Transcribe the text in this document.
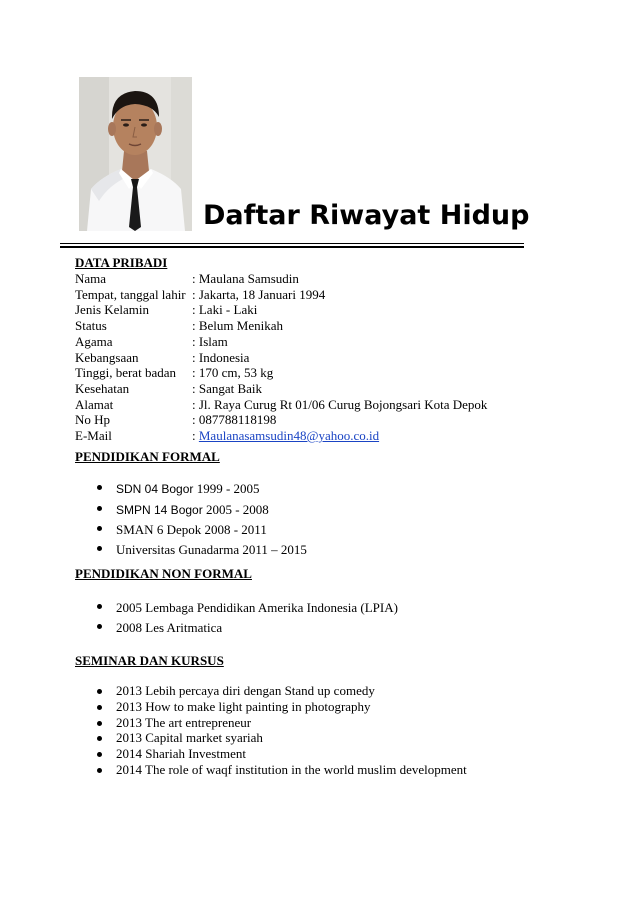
Daftar Riwayat Hidup
DATA PRIBADI
Nama	: Maulana Samsudin
Tempat, tanggal lahir : Jakarta, 18 Januari 1994
Jenis Kelamin	: Laki - Laki
Status	: Belum Menikah
Agama	: Islam
Kebangsaan	: Indonesia
Tinggi, berat badan	: 170 cm, 53 kg
Kesehatan	: Sangat Baik
Alamat	: Jl. Raya Curug Rt 01/06 Curug Bojongsari Kota Depok
No Hp	: 087788118198
E-Mail	: Maulanasamsudin48@yahoo.co.id
PENDIDIKAN FORMAL
SDN 04 Bogor 1999 - 2005
SMPN 14 Bogor 2005 - 2008
SMAN 6 Depok 2008 - 2011
Universitas Gunadarma 2011 – 2015
PENDIDIKAN NON FORMAL
2005 Lembaga Pendidikan Amerika Indonesia (LPIA)
2008 Les Aritmatica
SEMINAR DAN KURSUS
2013 Lebih percaya diri dengan Stand up comedy
2013 How to make light painting in photography
2013 The art entrepreneur
2013 Capital market syariah
2014 Shariah Investment
2014 The role of waqf institution in the world muslim development
